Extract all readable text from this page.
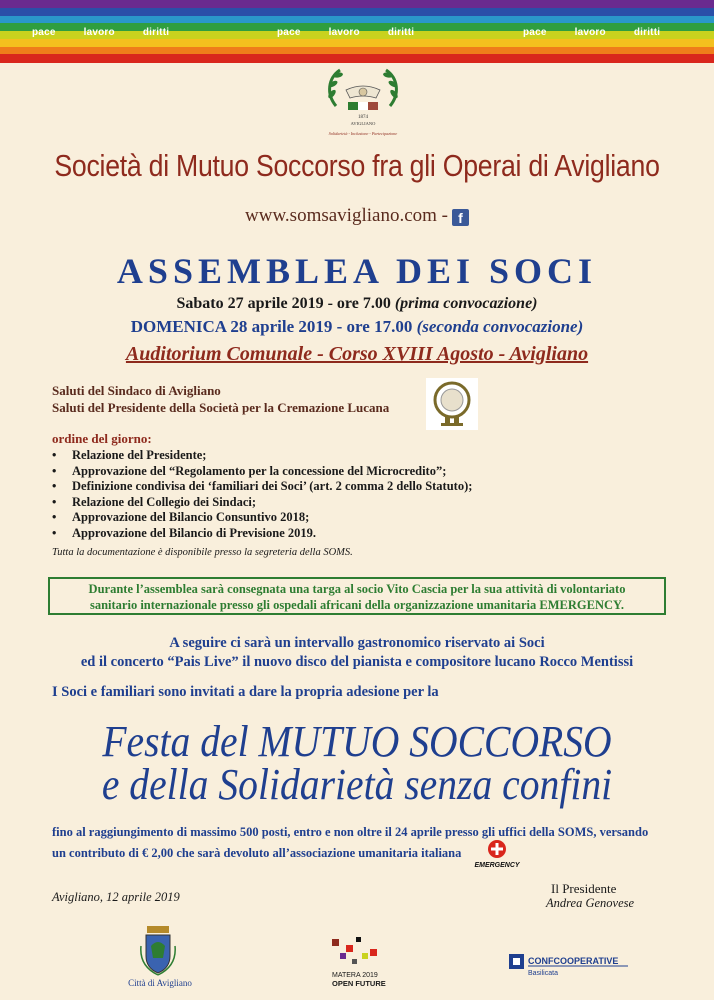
pace	lavoro	diritti	pace	lavoro	diritti	pace	lavoro	diritti
1874
AVIGLIANO
Solidarietà - Inclusione - Partecipazione
Società di Mutuo Soccorso fra gli Operai di Avigliano
www.somsavigliano.com - f
ASSEMBLEA DEI SOCI
Sabato 27 aprile 2019 - ore 7.00 (prima convocazione)
DOMENICA 28 aprile 2019 - ore 17.00 (seconda convocazione)
Auditorium Comunale - Corso XVIII Agosto - Avigliano
Saluti del Sindaco di Avigliano
Saluti del Presidente della Società per la Cremazione Lucana
ordine del giorno:
•	Relazione del Presidente;
•	Approvazione del “Regolamento per la concessione del Microcredito”;
•	Definizione condivisa dei ‘familiari dei Soci’ (art. 2 comma 2 dello Statuto);
•	Relazione del Collegio dei Sindaci;
•	Approvazione del Bilancio Consuntivo 2018;
•	Approvazione del Bilancio di Previsione 2019.
Tutta la documentazione è disponibile presso la segreteria della SOMS.
Durante l’assemblea sarà consegnata una targa al socio Vito Cascia per la sua attività di volontariato
sanitario internazionale presso gli ospedali africani della organizzazione umanitaria EMERGENCY.
A seguire ci sarà un intervallo gastronomico riservato ai Soci
ed il concerto “Pais Live” il nuovo disco del pianista e compositore lucano Rocco Mentissi
I Soci e familiari sono invitati a dare la propria adesione per la
Festa del MUTUO SOCCORSO
e della Solidarietà senza confini
fino al raggiungimento di massimo 500 posti, entro e non oltre il 24 aprile presso gli uffici della SOMS, versando
un contributo di € 2,00 che sarà devoluto all’associazione umanitaria italiana
EMERGENCY
Avigliano, 12 aprile 2019
Il Presidente
Andrea Genovese
Città di Avigliano
MATERA 2019
OPEN FUTURE
CONFCOOPERATIVE
Basilicata
